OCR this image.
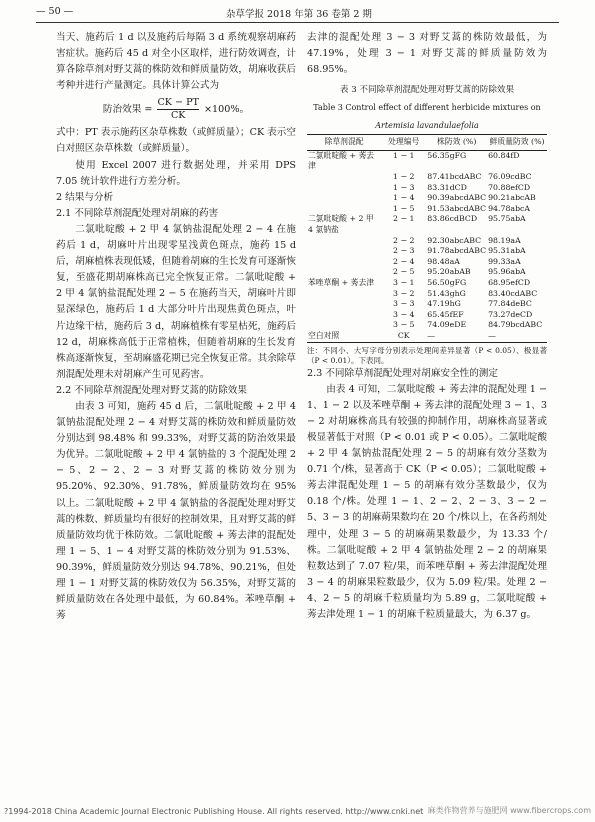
— 50 —	杂草学报 2018 年第 36 卷第 2 期

当天、施药后 1 d 以及施药后每隔 3 d 系统观察胡麻药害症状。施药后 45 d 对全小区取样，进行防效调查，计算各除草剂对野艾蒿的株防效和鲜质量防效，胡麻收获后考种并进行产量测定。具体计算公式为

防治效果 = $\frac{CK - PT}{CK} \times 100\%$。

式中：PT 表示施药区杂草株数（或鲜质量）；CK 表示空白对照区杂草株数（或鲜质量）。

使用 Excel 2007 进行数据处理，并采用 DPS 7.05 统计软件进行方差分析。

2 结果与分析

2.1 不同除草剂混配处理对胡麻的药害

二氯吡啶酸 + 2 甲 4 氯钠盐混配处理 2 − 4 在施药后 1 d，胡麻叶片出现零星浅黄色斑点，施药 15 d 后，胡麻植株表现低矮，但随着胡麻的生长发育可逐渐恢复，至盛花期胡麻株高已完全恢复正常。二氯吡啶酸 + 2 甲 4 氯钠盐混配处理 2 − 5 在施药当天，胡麻叶片即显深绿色，施药后 1 d 大部分叶片出现焦黄色斑点，叶片边缘干枯，施药后 3 d，胡麻植株有零星枯死，施药后 12 d，胡麻株高低于正常植株，但随着胡麻的生长发育株高逐渐恢复，至胡麻盛花期已完全恢复正常。其余除草剂混配处理未对胡麻产生可见药害。

2.2 不同除草剂混配处理对野艾蒿的防除效果

由表 3 可知，施药 45 d 后，二氯吡啶酸 + 2 甲 4 氯钠盐混配处理 2 − 4 对野艾蒿的株防效和鲜质量防效分别达到 98.48% 和 99.33%，对野艾蒿的防治效果最为优异。二氯吡啶酸 + 2 甲 4 氯钠盐的 3 个混配处理 2 − 5、2 − 2、2 − 3 对野艾蒿的株防效分别为 95.20%、92.30%、91.78%，鲜质量防效均在 95% 以上。二氯吡啶酸 + 2 甲 4 氯钠盐的各混配处理对野艾蒿的株数、鲜质量均有很好的控制效果，且对野艾蒿的鲜质量防效均优于株防效。二氯吡啶酸 + 莠去津的混配处理 1 − 5、1 − 4 对野艾蒿的株防效分别为 91.53%、90.39%，鲜质量防效分别达 94.78%、90.21%，但处理 1 − 1 对野艾蒿的株防效仅为 56.35%，对野艾蒿的鲜质量防效在各处理中最低，为 60.84%。苯唑草酮 + 莠

去津的混配处理 3 − 3 对野艾蒿的株防效最低，为 47.19%，处理 3 − 1 对野艾蒿的鲜质量防效为 68.95%。

表 3 不同除草剂混配处理对野艾蒿的防除效果
Table 3 Control effect of different herbicide mixtures on
Artemisia lavandulaefolia
除草剂混配	处理编号	株防效 (%)	鲜质量防效 (%)
二氯吡啶酸 + 莠去津	1 − 1	56.35gFG	60.84fD
	1 − 2	87.41bcdABC	76.09cdBC
	1 − 3	83.31dCD	70.88efCD
	1 − 4	90.39abcdABC	90.21abcAB
	1 − 5	91.53abcdABC	94.78abcA
二氯吡啶酸 + 2 甲 4 氯钠盐	2 − 1	83.86cdBCD	95.75abA
	2 − 2	92.30abcABC	98.19aA
	2 − 3	91.78abcdABC	95.31abA
	2 − 4	98.48aA	99.33aA
	2 − 5	95.20abAB	95.96abA
苯唑草酮 + 莠去津	3 − 1	56.50gFG	68.95efCD
	3 − 2	51.43ghG	83.40cdABC
	3 − 3	47.19hG	77.84deBC
	3 − 4	65.45fEF	73.27deCD
	3 − 5	74.09eDE	84.79bcdABC
空白对照	CK	—	—
注：不同小、大写字母分别表示处理间差异显著（P < 0.05）、极显著（P < 0.01）。下表同。

2.3 不同除草剂混配处理对胡麻安全性的测定

由表 4 可知，二氯吡啶酸 + 莠去津的混配处理 1 − 1、1 − 2 以及苯唑草酮 + 莠去津的混配处理 3 − 1、3 − 2 对胡麻株高具有较强的抑制作用，胡麻株高显著或极显著低于对照（P < 0.01 或 P < 0.05）。二氯吡啶酸 + 2 甲 4 氯钠盐混配处理 2 − 5 的胡麻有效分茎数为 0.71 个/株，显著高于 CK（P < 0.05）；二氯吡啶酸 + 莠去津混配处理 1 − 5 的胡麻有效分茎数最少，仅为 0.18 个/株。处理 1 − 1、2 − 2、2 − 3、3 − 2 − 5、3 − 3 的胡麻蒴果数均在 20 个/株以上，在各药剂处理中，处理 3 − 5 的胡麻蒴果数最少，为 13.33 个/株。二氯吡啶酸 + 2 甲 4 氯钠盐处理 2 − 2 的胡麻果粒数达到了 7.07 粒/果，而苯唑草酮 + 莠去津混配处理 3 − 4 的胡麻果粒数最少，仅为 5.09 粒/果。处理 2 − 4、2 − 5 的胡麻千粒质量均为 5.89 g，二氯吡啶酸 + 莠去津处理 1 − 1 的胡麻千粒质量最大，为 6.37 g。

?1994-2018 China Academic Journal Electronic Publishing House. All rights reserved. http://www.cnki.net 麻类作物营养与施肥网 www.fibercrops.com
